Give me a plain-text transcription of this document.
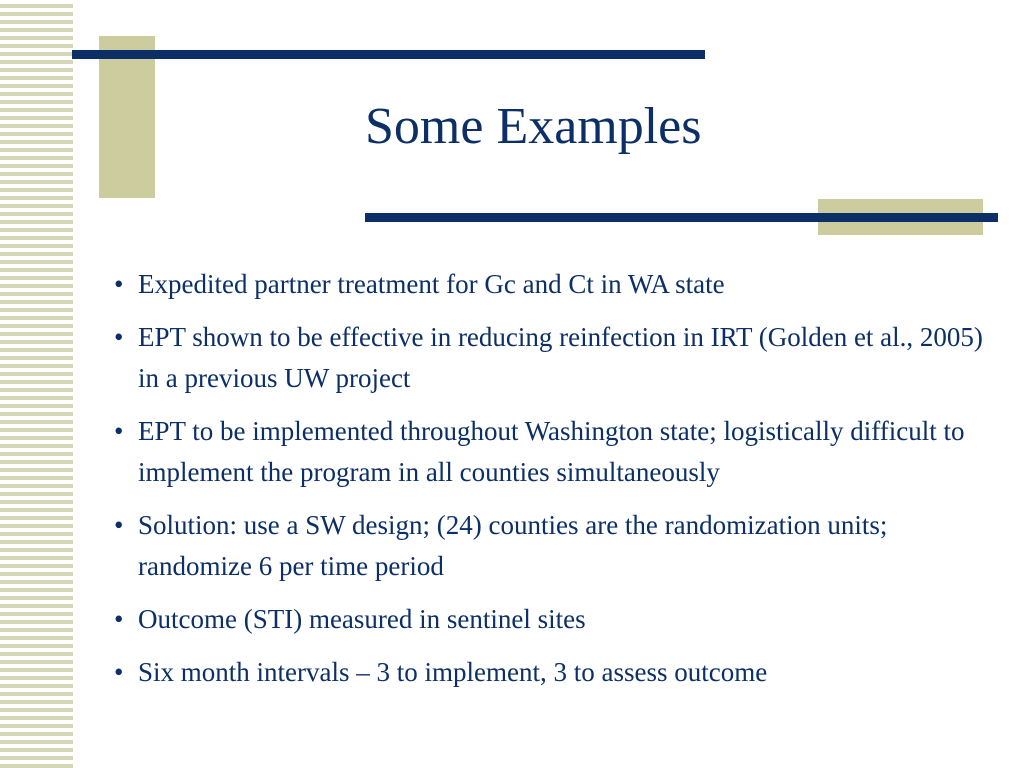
Some Examples
• Expedited partner treatment for Gc and Ct in WA state
• EPT shown to be effective in reducing reinfection in IRT (Golden et al., 2005) in a previous UW project
• EPT to be implemented throughout Washington state; logistically difficult to implement the program in all counties simultaneously
• Solution: use a SW design; (24) counties are the randomization units; randomize 6 per time period
• Outcome (STI) measured in sentinel sites
• Six month intervals – 3 to implement, 3 to assess outcome
